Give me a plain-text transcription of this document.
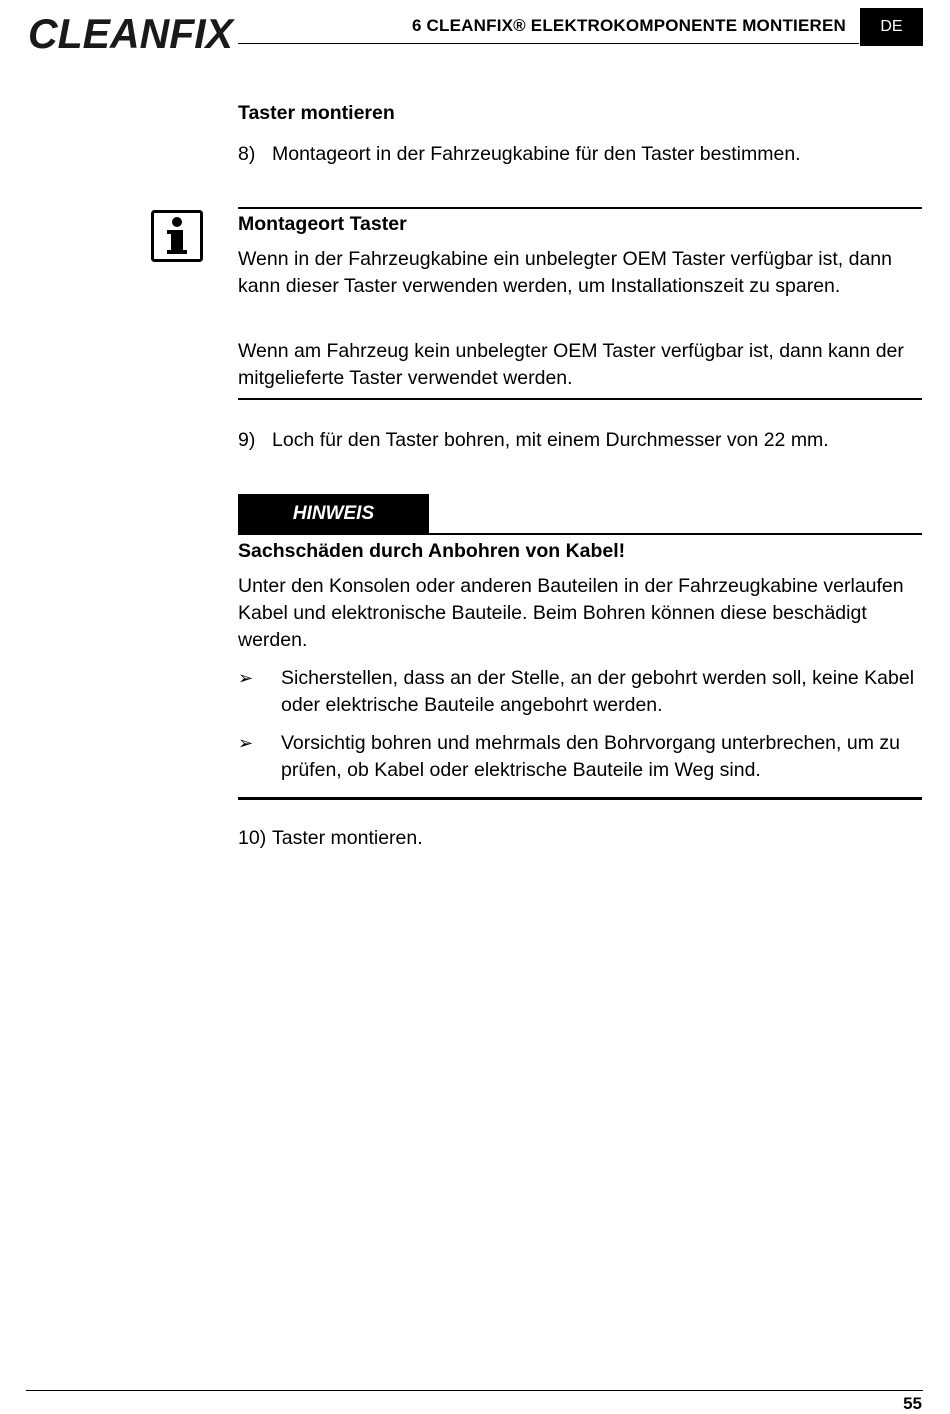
CLEANFIX	6 CLEANFIX® ELEKTROKOMPONENTE MONTIEREN	DE
Taster montieren
8) Montageort in der Fahrzeugkabine für den Taster bestimmen.
Montageort Taster
Wenn in der Fahrzeugkabine ein unbelegter OEM Taster verfügbar ist, dann kann dieser Taster verwenden werden, um Installationszeit zu sparen.
Wenn am Fahrzeug kein unbelegter OEM Taster verfügbar ist, dann kann der mitgelieferte Taster verwendet werden.
9) Loch für den Taster bohren, mit einem Durchmesser von 22 mm.
HINWEIS
Sachschäden durch Anbohren von Kabel!
Unter den Konsolen oder anderen Bauteilen in der Fahrzeugkabine verlaufen Kabel und elektronische Bauteile. Beim Bohren können diese beschädigt werden.
➢ Sicherstellen, dass an der Stelle, an der gebohrt werden soll, keine Kabel oder elektrische Bauteile angebohrt werden.
➢ Vorsichtig bohren und mehrmals den Bohrvorgang unterbrechen, um zu prüfen, ob Kabel oder elektrische Bauteile im Weg sind.
10) Taster montieren.
55
